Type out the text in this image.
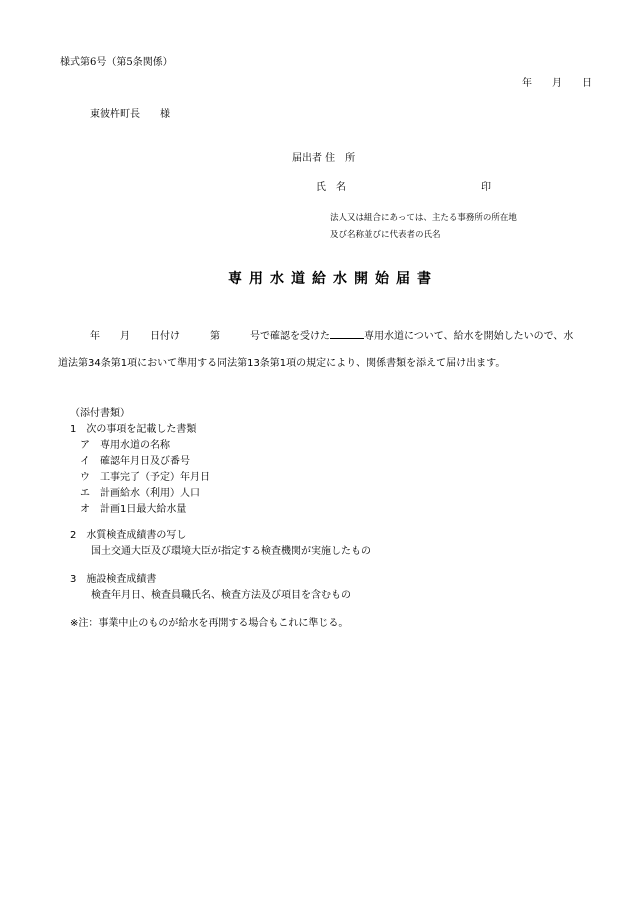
様式第6号（第5条関係）
年　　月　　日
東彼杵町長　　様
届出者 住　所
氏　名	印
法人又は組合にあっては、主たる事務所の所在地
及び名称並びに代表者の氏名
専用水道給水開始届書
年　　月　　日付け　　　第　　　号で確認を受けた	専用水道について、給水を開始したいので、水
道法第34条第1項において準用する同法第13条第1項の規定により、関係書類を添えて届け出ます。
（添付書類）
1　次の事項を記載した書類
ア　専用水道の名称
イ　確認年月日及び番号
ウ　工事完了（予定）年月日
エ　計画給水（利用）人口
オ　計画1日最大給水量
2　水質検査成績書の写し
国土交通大臣及び環境大臣が指定する検査機関が実施したもの
3　施設検査成績書
検査年月日、検査員職氏名、検査方法及び項目を含むもの
※注：事業中止のものが給水を再開する場合もこれに準じる。
